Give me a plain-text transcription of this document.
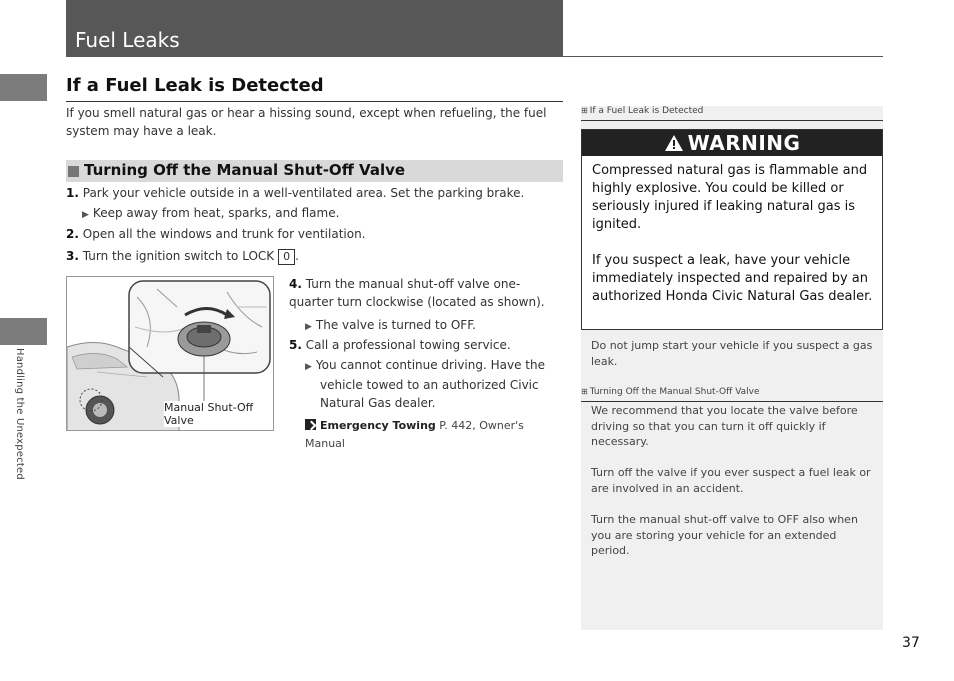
Fuel Leaks
Handling the Unexpected
If a Fuel Leak is Detected
If you smell natural gas or hear a hissing sound, except when refueling, the fuel system may have a leak.
Turning Off the Manual Shut-Off Valve
1. Park your vehicle outside in a well-ventilated area. Set the parking brake.
▶ Keep away from heat, sparks, and flame.
2. Open all the windows and trunk for ventilation.
3. Turn the ignition switch to LOCK 0 .
Manual Shut-Off Valve
4. Turn the manual shut-off valve one-quarter turn clockwise (located as shown).
▶ The valve is turned to OFF.
5. Call a professional towing service.
▶ You cannot continue driving. Have the vehicle towed to an authorized Civic Natural Gas dealer.
Emergency Towing P. 442, Owner's Manual
⊞ If a Fuel Leak is Detected
WARNING

Compressed natural gas is flammable and highly explosive. You could be killed or seriously injured if leaking natural gas is ignited.

If you suspect a leak, have your vehicle immediately inspected and repaired by an authorized Honda Civic Natural Gas dealer.

Do not jump start your vehicle if you suspect a gas leak.
⊞ Turning Off the Manual Shut-Off Valve
We recommend that you locate the valve before driving so that you can turn it off quickly if necessary.
Turn off the valve if you ever suspect a fuel leak or are involved in an accident.
Turn the manual shut-off valve to OFF also when you are storing your vehicle for an extended period.
37
